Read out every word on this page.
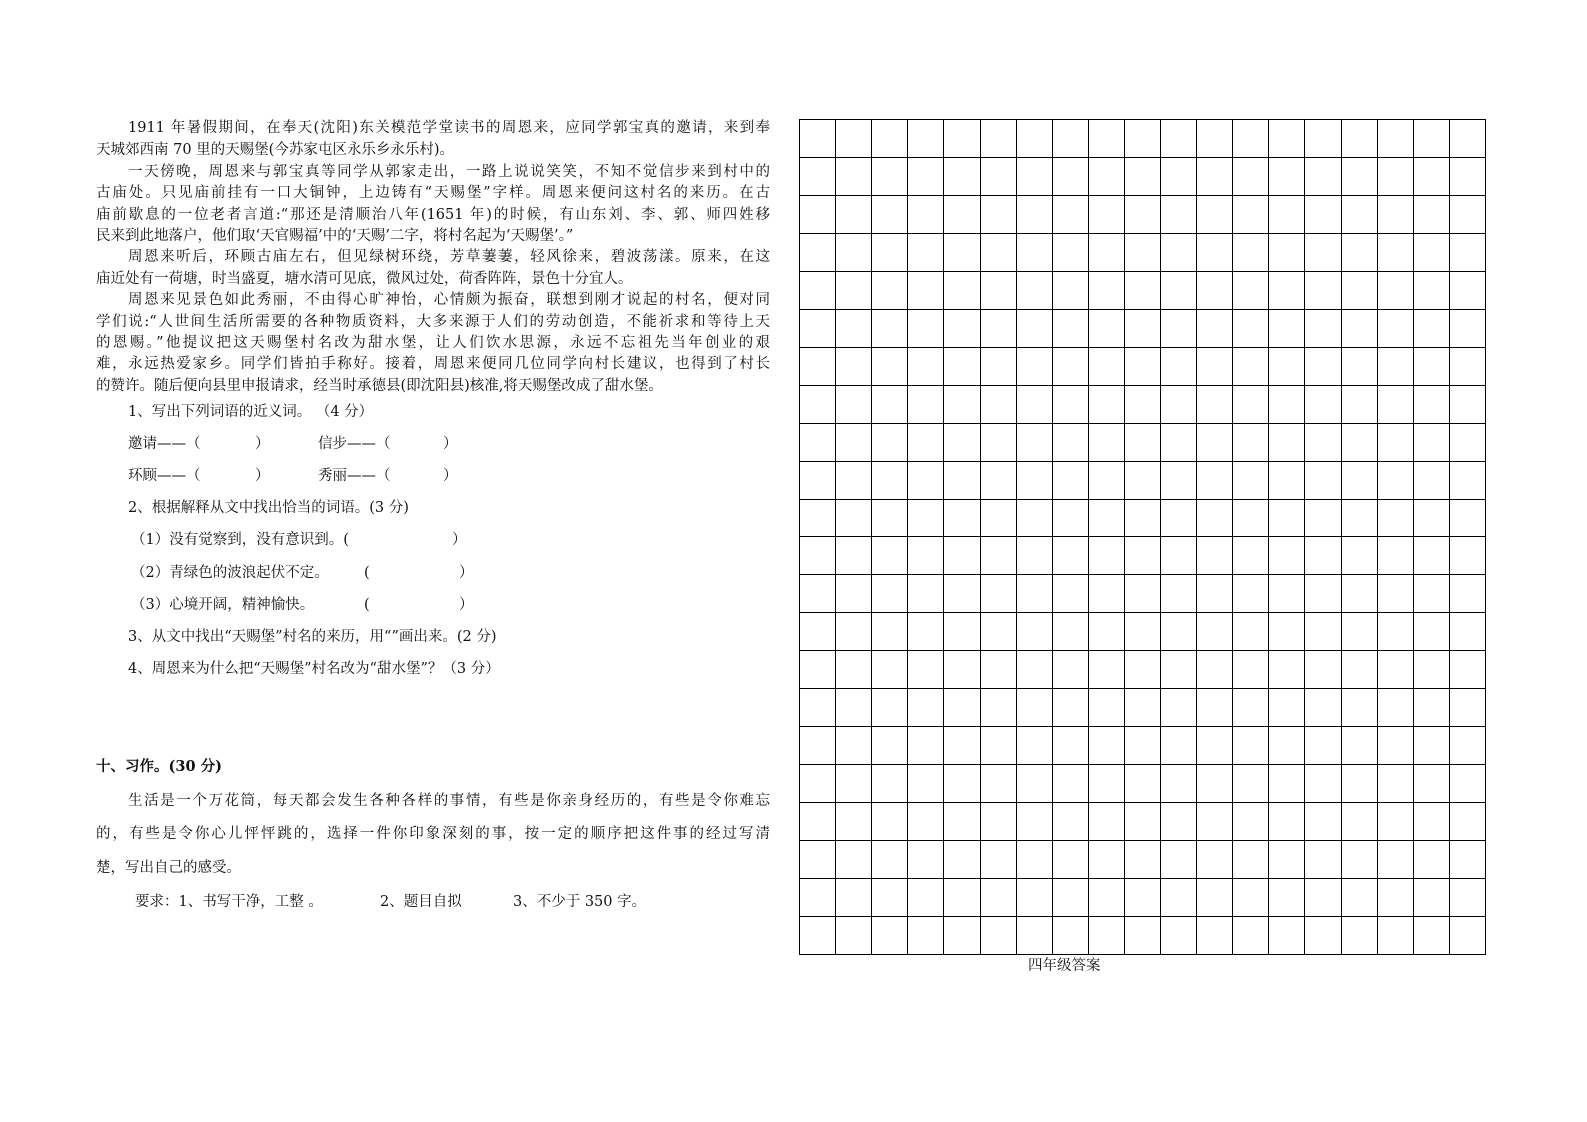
1911 年暑假期间，在奉天(沈阳)东关模范学堂读书的周恩来，应同学郭宝真的邀请，来到奉
天城郊西南 70 里的天赐堡(今苏家屯区永乐乡永乐村)。
一天傍晚，周恩来与郭宝真等同学从郭家走出，一路上说说笑笑，不知不觉信步来到村中的
古庙处。只见庙前挂有一口大铜钟，上边铸有“天赐堡”字样。周恩来便问这村名的来历。在古
庙前歇息的一位老者言道:“那还是清顺治八年(1651 年)的时候，有山东刘、李、郭、师四姓移
民来到此地落户，他们取‘天官赐福’中的‘天赐’二字，将村名起为‘天赐堡’。”
周恩来听后，环顾古庙左右，但见绿树环绕，芳草萋萋，轻风徐来，碧波荡漾。原来，在这
庙近处有一荷塘，时当盛夏，塘水清可见底，微风过处，荷香阵阵，景色十分宜人。
周恩来见景色如此秀丽，不由得心旷神怡，心情颇为振奋，联想到刚才说起的村名，便对同
学们说:“人世间生活所需要的各种物质资料，大多来源于人们的劳动创造，不能祈求和等待上天
的恩赐。”他提议把这天赐堡村名改为甜水堡，让人们饮水思源，永远不忘祖先当年创业的艰
难，永远热爱家乡。同学们皆拍手称好。接着，周恩来便同几位同学向村长建议，也得到了村长
的赞许。随后便向县里申报请求，经当时承德县(即沈阳县)核准,将天赐堡改成了甜水堡。
1、写出下列词语的近义词。 （4 分）
邀请——（	）	信步——（	）
环顾——（	）	秀丽——（	）
2、根据解释从文中找出恰当的词语。(3 分)
（1）没有觉察到，没有意识到。(	）
（2）青绿色的波浪起伏不定。 (	）
（3）心境开阔，精神愉快。	(	）
3、从文中找出“天赐堡”村名的来历，用“”画出来。(2 分)
4、周恩来为什么把“天赐堡”村名改为“甜水堡”？（3 分）
十、习作。(30 分)
生活是一个万花筒，每天都会发生各种各样的事情，有些是你亲身经历的，有些是令你难忘
的，有些是令你心儿怦怦跳的，选择一件你印象深刻的事，按一定的顺序把这件事的经过写清
楚，写出自己的感受。
要求：1、书写干净，工整 。	2、题目自拟	3、不少于 350 字。
四年级答案
